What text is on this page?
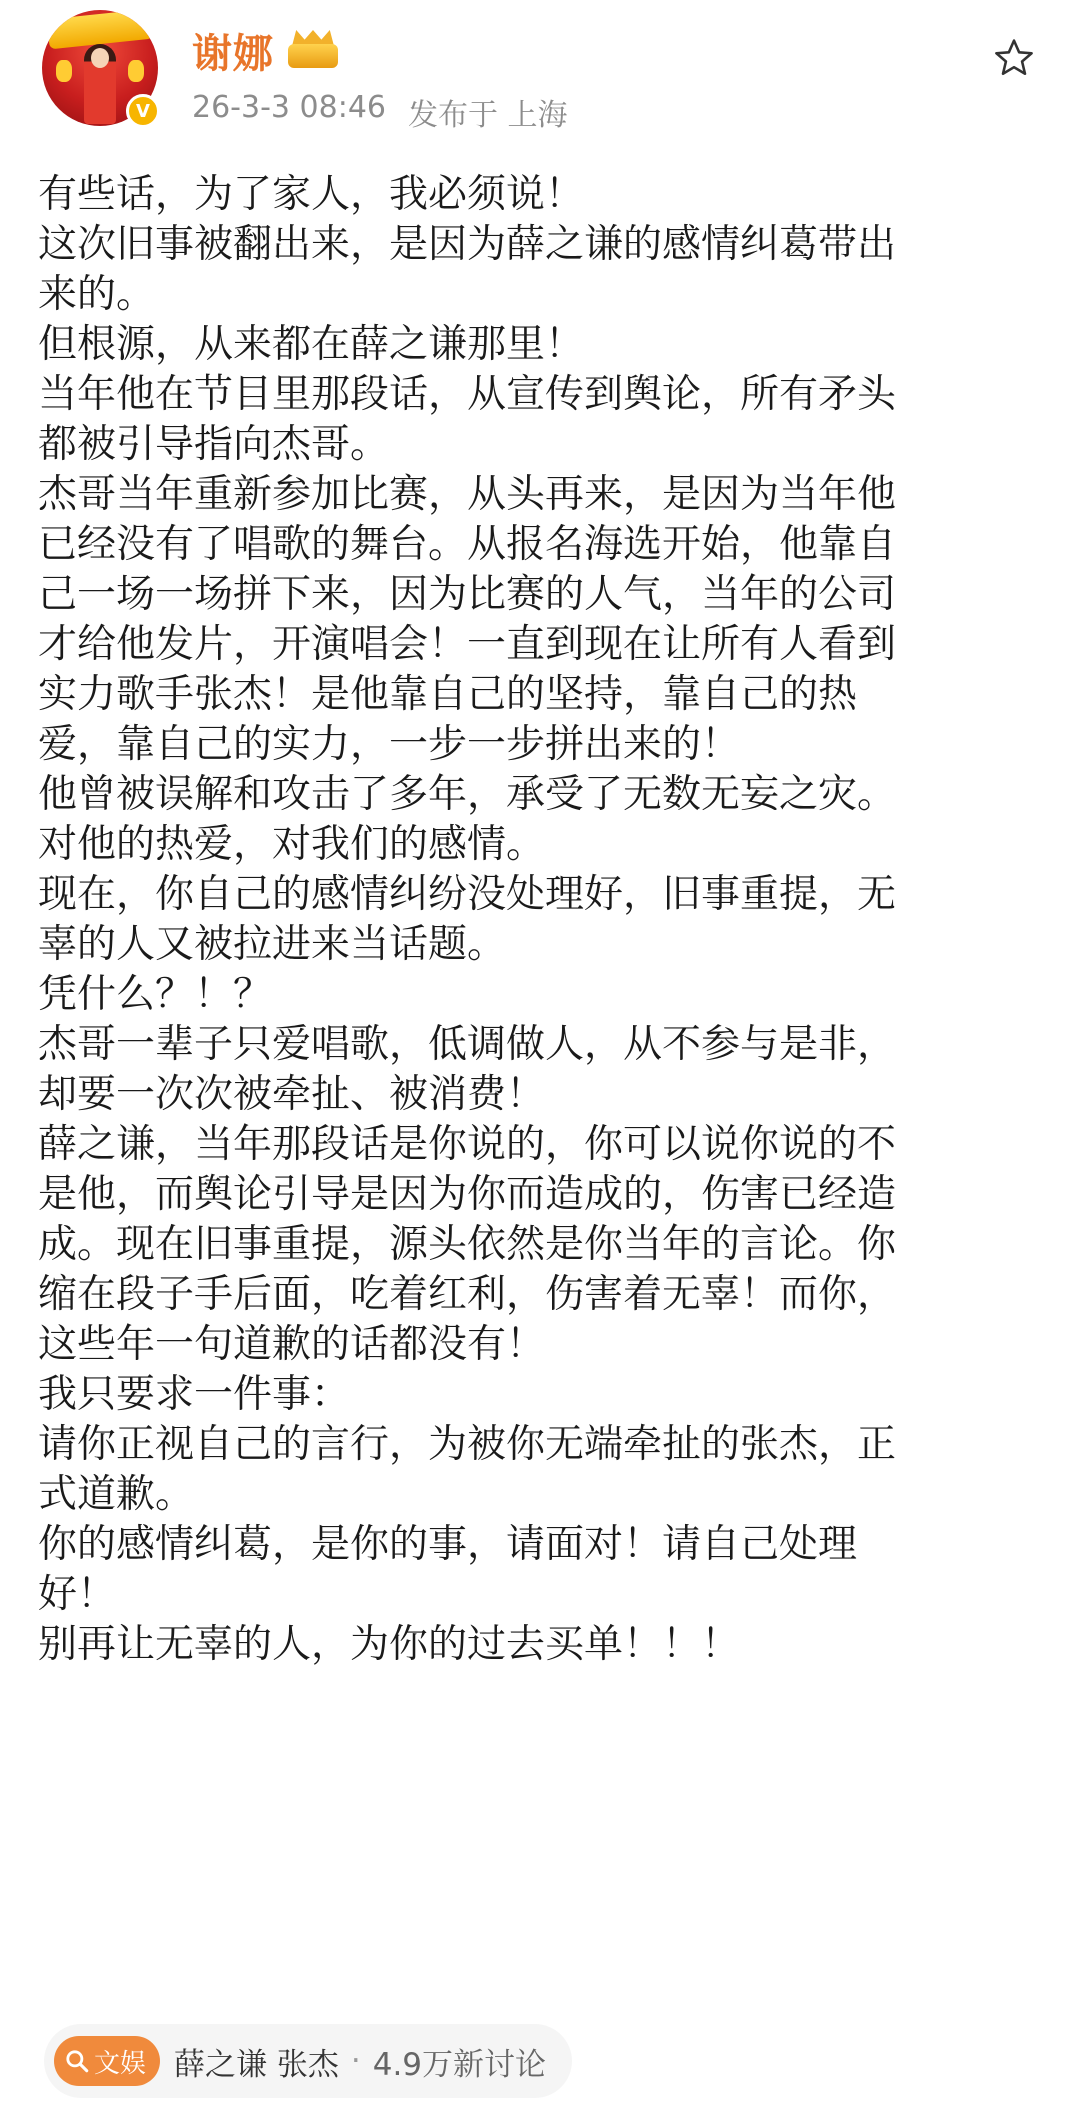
V
谢娜
26-3-3 08:46 发布于 上海

有些话，为了家人，我必须说！

这次旧事被翻出来，是因为薛之谦的感情纠葛带出

来的。

但根源，从来都在薛之谦那里！

当年他在节目里那段话，从宣传到舆论，所有矛头

都被引导指向杰哥。

杰哥当年重新参加比赛，从头再来，是因为当年他

已经没有了唱歌的舞台。从报名海选开始，他靠自

己一场一场拼下来，因为比赛的人气，当年的公司

才给他发片，开演唱会！一直到现在让所有人看到

实力歌手张杰！是他靠自己的坚持，靠自己的热

爱，靠自己的实力，一步一步拼出来的！

他曾被误解和攻击了多年，承受了无数无妄之灾。

对他的热爱，对我们的感情。

现在，你自己的感情纠纷没处理好，旧事重提，无

辜的人又被拉进来当话题。

凭什么？！？

杰哥一辈子只爱唱歌，低调做人，从不参与是非，

却要一次次被牵扯、被消费！

薛之谦，当年那段话是你说的，你可以说你说的不

是他，而舆论引导是因为你而造成的，伤害已经造

成。现在旧事重提，源头依然是你当年的言论。你

缩在段子手后面，吃着红利，伤害着无辜！而你，

这些年一句道歉的话都没有！

我只要求一件事：

请你正视自己的言行，为被你无端牵扯的张杰，正

式道歉。

你的感情纠葛，是你的事，请面对！请自己处理

好！

别再让无辜的人，为你的过去买单！！！

文娱 薛之谦 张杰 · 4.9万新讨论
